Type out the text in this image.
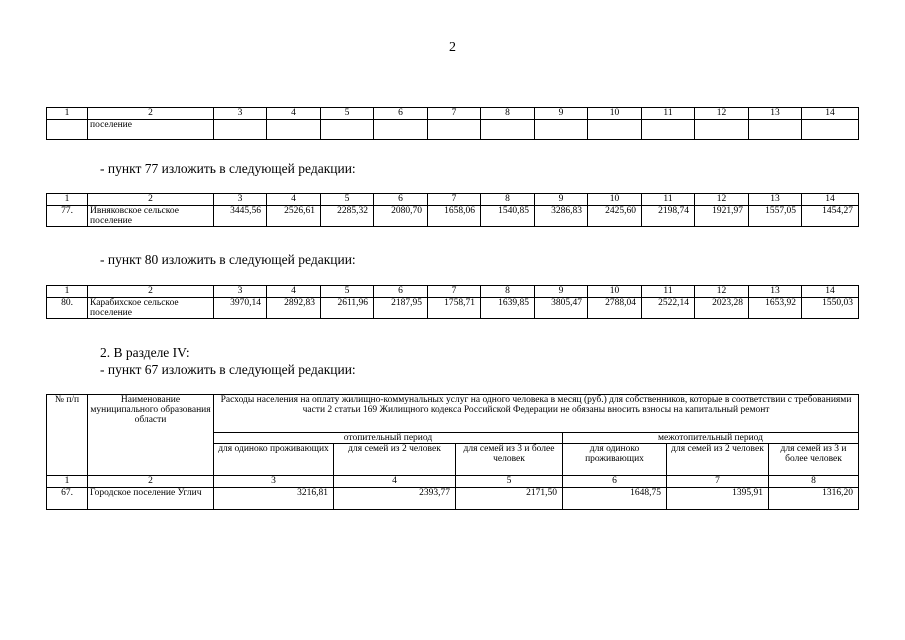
2
1	2	3	4	5	6	7	8	9	10	11	12	13	14
	поселение												
- пункт 77 изложить в следующей редакции:
1	2	3	4	5	6	7	8	9	10	11	12	13	14
77.	Ивняковское сельское поселение	3445,56	2526,61	2285,32	2080,70	1658,06	1540,85	3286,83	2425,60	2198,74	1921,97	1557,05	1454,27
- пункт 80 изложить в следующей редакции:
1	2	3	4	5	6	7	8	9	10	11	12	13	14
80.	Карабихское сельское поселение	3970,14	2892,83	2611,96	2187,95	1758,71	1639,85	3805,47	2788,04	2522,14	2023,28	1653,92	1550,03
2. В разделе IV:
- пункт 67 изложить в следующей редакции:
№ п/п	Наименование муниципального образования области	Расходы населения на оплату жилищно-коммунальных услуг на одного человека в месяц (руб.) для собственников, которые в соответствии с требованиями части 2 статьи 169 Жилищного кодекса Российской Федерации не обязаны вносить взносы на капитальный ремонт					
		отопительный период			межотопительный период		
		для одиноко проживающих	для семей из 2 человек	для семей из 3 и более человек	для одиноко проживающих	для семей из 2 человек	для семей из 3 и более человек
1	2	3	4	5	6	7	8
67.	Городское поселение Углич	3216,81	2393,77	2171,50	1648,75	1395,91	1316,20
